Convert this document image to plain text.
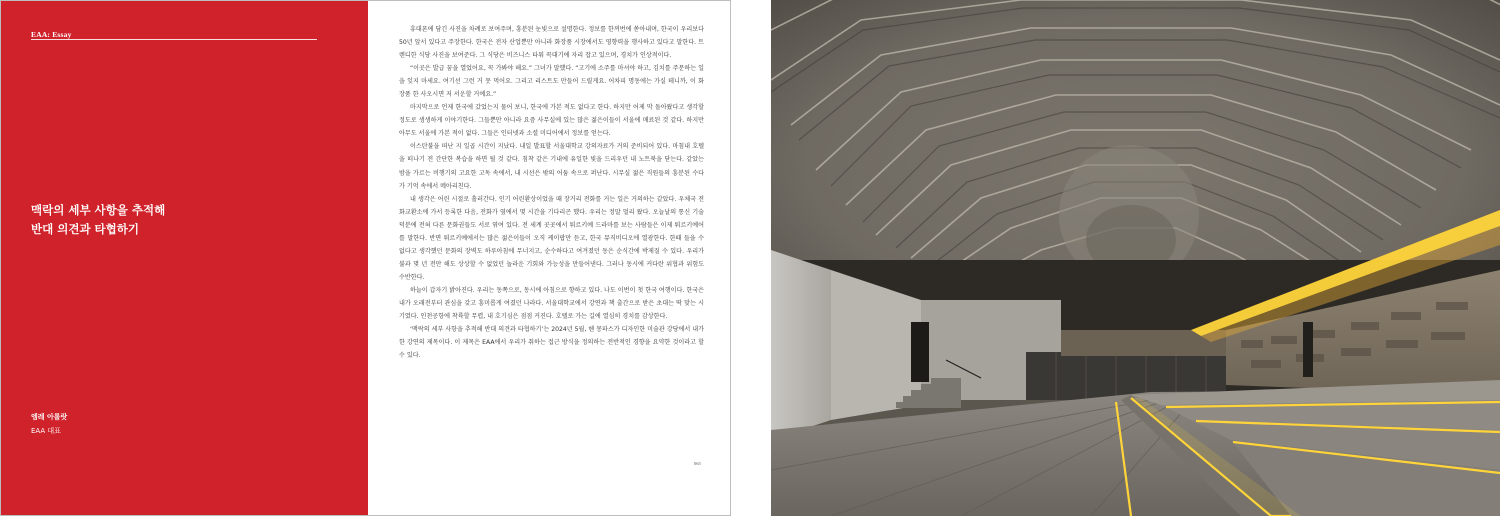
EAA: Essay
맥락의 세부 사항을 추적해
반대 의견과 타협하기
엠레 아롤랏
EAA 대표

휴대폰에 담긴 사진을 차례로 보여주며, 흥분된 눈빛으로 설명한다. 정보를 한꺼번에 쏟아내며, 한국이 우리보다 50년 앞서 있다고 주장한다. 한국은 전자 산업뿐만 아니라 화장품 시장에서도 영향력을 행사하고 있다고 말한다. 트렌디한 식당 사진을 보여준다. 그 식당은 비즈니스 타워 꼭대기에 자리 잡고 있으며, 경치가 인상적이다.

“이곳은 발급 꿈을 열었어요, 꼭 가봐야 해요.” 그녀가 말했다. “고기에 소주를 마셔야 하고, 김치를 주문하는 일을 잊지 마세요. 여기선 그런 거 못 먹어요. 그리고 리스트도 만들어 드릴게요. 어차피 명동에는 가실 테니까, 이 화장품 한 사오시면 저 서운할 거예요.”

마지막으로 언제 한국에 갔었는지 물어 보니, 한국에 가본 적도 없다고 한다. 하지만 어제 막 돌아왔다고 생각할 정도로 생생하게 이야기한다. 그들뿐만 아니라 요즘 사무실에 있는 많은 젊은이들이 서울에 매료된 것 같다. 하지만 아무도 서울에 가본 적이 없다. 그들은 인터넷과 소셜 미디어에서 정보를 얻는다.

이스탄불을 떠난 지 일곱 시간이 지났다. 내일 발표할 서울대학교 강의자료가 거의 준비되어 있다. 마침내 호텔을 떠나기 전 간단한 복습을 하면 될 것 같다. 침착 같은 기내에 유일한 빛을 드리우던 내 노트북을 닫는다. 같았는 밤을 가르는 비행기의 고요한 고독 속에서, 내 시선은 밖의 어둠 속으로 퍼난다. 시무실 젊은 직원들의 흥분된 수다가 기억 속에서 메아리친다.

내 생각은 어린 시절로 흘러간다. 인기 어린환상이었을 때 장거리 전화를 거는 일은 거의하는 같았다. 우체국 전화교환소에 가서 등록한 다음, 전화가 옆에서 몇 시간을 기다리곤 했다. 우리는 정말 멀리 왔다. 오늘날의 통신 기술 덕분에 전혀 다른 문화권들도 서로 엮여 있다. 전 세계 곳곳에서 튀르키예 드라마를 보는 사람들은 이제 튀르키예어를 말한다. 반면 튀르키예에서는 많은 젊은이들이 오직 케이팝만 듣고, 한국 뮤직비디오에 열광한다. 한때 들을 수 없다고 생각했던 문화의 장벽도 하루아침에 무너지고, 순수하다고 여겨졌던 동은 순식간에 박제질 수 있다. 우리가 불과 몇 년 전만 해도 상상할 수 없었던 놀라운 기회와 가능성을 만들어낸다. 그러나 동시에 커다란 위협과 위험도 수반한다.

하늘이 갑자기 밝아진다. 우리는 동쪽으로, 동시에 아침으로 향하고 있다. 나도 이번이 첫 한국 여행이다. 한국은 내가 오래전부터 관심을 갖고 흥미롭게 여겼던 나라다. 서울대학교에서 강연과 책 출간으로 받은 초대는 딱 맞는 시기였다. 인천공항에 착륙할 무렵, 내 호기심은 점점 커진다. 호텔로 가는 길에 열심히 경치를 감상한다.

‘맥락의 세부 사항을 추적해 반대 의견과 타협하기’는 2024년 5월, 헨 몽파스가 디자인한 미술관 강당에서 내가 한 강연의 제목이다. 이 제목은 EAA에서 우리가 취하는 접근 방식을 정의하는 전반적인 경향을 요약한 것이라고 할 수 있다.

065
